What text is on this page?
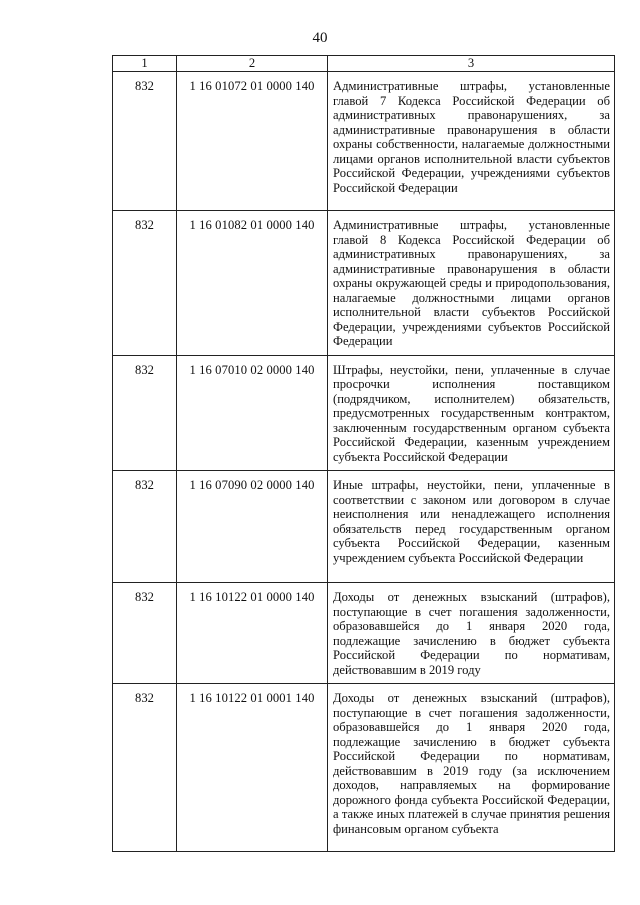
40
1	2	3
832	1 16 01072 01 0000 140	Административные штрафы, установленные главой 7 Кодекса Российской Федерации об административных правонарушениях, за административные правонарушения в области охраны собственности, налагаемые должностными лицами органов исполнительной власти субъектов Российской Федерации, учреждениями субъектов Российской Федерации
832	1 16 01082 01 0000 140	Административные штрафы, установленные главой 8 Кодекса Российской Федерации об административных правонарушениях, за административные правонарушения в области охраны окружающей среды и природопользования, налагаемые должностными лицами органов исполнительной власти субъектов Российской Федерации, учреждениями субъектов Российской Федерации
832	1 16 07010 02 0000 140	Штрафы, неустойки, пени, уплаченные в случае просрочки исполнения поставщиком (подрядчиком, исполнителем) обязательств, предусмотренных государственным контрактом, заключенным государственным органом субъекта Российской Федерации, казенным учреждением субъекта Российской Федерации
832	1 16 07090 02 0000 140	Иные штрафы, неустойки, пени, уплаченные в соответствии с законом или договором в случае неисполнения или ненадлежащего исполнения обязательств перед государственным органом субъекта Российской Федерации, казенным учреждением субъекта Российской Федерации
832	1 16 10122 01 0000 140	Доходы от денежных взысканий (штрафов), поступающие в счет погашения задолженности, образовавшейся до 1 января 2020 года, подлежащие зачислению в бюджет субъекта Российской Федерации по нормативам, действовавшим в 2019 году
832	1 16 10122 01 0001 140	Доходы от денежных взысканий (штрафов), поступающие в счет погашения задолженности, образовавшейся до 1 января 2020 года, подлежащие зачислению в бюджет субъекта Российской Федерации по нормативам, действовавшим в 2019 году (за исключением доходов, направляемых на формирование дорожного фонда субъекта Российской Федерации, а также иных платежей в случае принятия решения финансовым органом субъекта
